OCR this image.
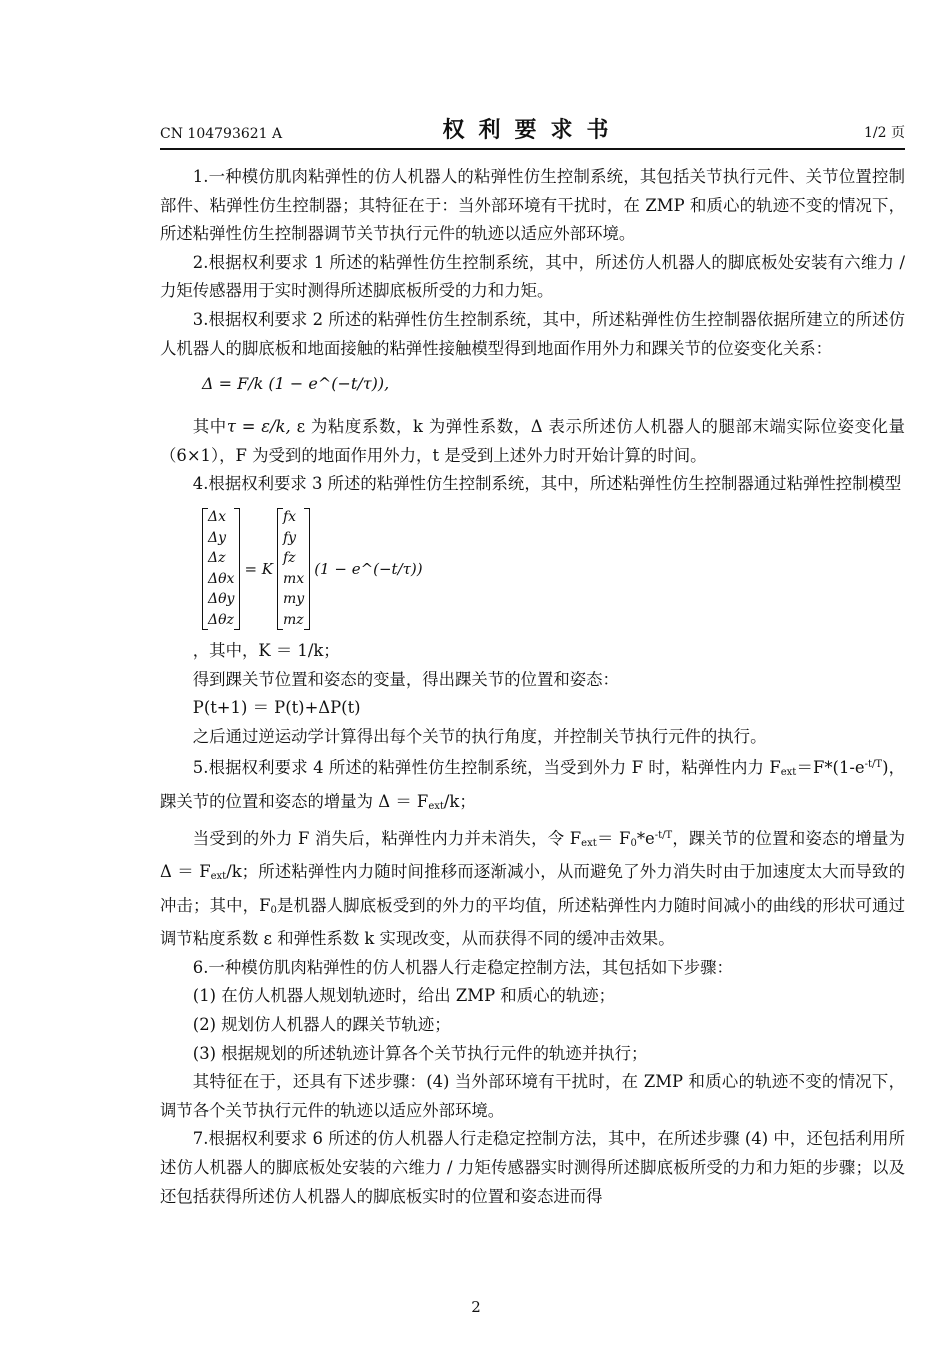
CN 104793621 A	权利要求书	1/2 页

1.一种模仿肌肉粘弹性的仿人机器人的粘弹性仿生控制系统，其包括关节执行元件、关节位置控制部件、粘弹性仿生控制器；其特征在于：当外部环境有干扰时，在 ZMP 和质心的轨迹不变的情况下，所述粘弹性仿生控制器调节关节执行元件的轨迹以适应外部环境。

2.根据权利要求 1 所述的粘弹性仿生控制系统，其中，所述仿人机器人的脚底板处安装有六维力 / 力矩传感器用于实时测得所述脚底板所受的力和力矩。

3.根据权利要求 2 所述的粘弹性仿生控制系统，其中，所述粘弹性仿生控制器依据所建立的所述仿人机器人的脚底板和地面接触的粘弹性接触模型得到地面作用外力和踝关节的位姿变化关系：

Δ = F/k (1 − e^(−t/τ)),

其中τ = ε/k, ε 为粘度系数，k 为弹性系数，Δ 表示所述仿人机器人的腿部末端实际位姿变化量（6×1），F 为受到的地面作用外力，t 是受到上述外力时开始计算的时间。

4.根据权利要求 3 所述的粘弹性仿生控制系统，其中，所述粘弹性仿生控制器通过粘弹性控制模型

Δx
Δy
Δz
Δθx
Δθy
Δθz
= K
fx
fy
fz
mx
my
mz
(1 − e^(−t/τ))

，其中，K ＝ 1/k；

得到踝关节位置和姿态的变量，得出踝关节的位置和姿态：

P(t+1) ＝ P(t)+ΔP(t)

之后通过逆运动学计算得出每个关节的执行角度，并控制关节执行元件的执行。

5.根据权利要求 4 所述的粘弹性仿生控制系统，当受到外力 F 时，粘弹性内力 $F_{ext}=F*(1-e^{-t/T})$，踝关节的位置和姿态的增量为 $\Delta = F_{ext}/k$；

当受到的外力 F 消失后，粘弹性内力并未消失，令 $F_{ext}= F_0*e^{-t/T}$，踝关节的位置和姿态的增量为 $\Delta = F_{ext}/k$；所述粘弹性内力随时间推移而逐渐减小，从而避免了外力消失时由于加速度太大而导致的冲击；其中，$F_0$是机器人脚底板受到的外力的平均值，所述粘弹性内力随时间减小的曲线的形状可通过调节粘度系数 ε 和弹性系数 k 实现改变，从而获得不同的缓冲击效果。

6.一种模仿肌肉粘弹性的仿人机器人行走稳定控制方法，其包括如下步骤：

(1) 在仿人机器人规划轨迹时，给出 ZMP 和质心的轨迹；

(2) 规划仿人机器人的踝关节轨迹；

(3) 根据规划的所述轨迹计算各个关节执行元件的轨迹并执行；

其特征在于，还具有下述步骤：(4) 当外部环境有干扰时，在 ZMP 和质心的轨迹不变的情况下，调节各个关节执行元件的轨迹以适应外部环境。

7.根据权利要求 6 所述的仿人机器人行走稳定控制方法，其中，在所述步骤 (4) 中，还包括利用所述仿人机器人的脚底板处安装的六维力 / 力矩传感器实时测得所述脚底板所受的力和力矩的步骤；以及还包括获得所述仿人机器人的脚底板实时的位置和姿态进而得

2
